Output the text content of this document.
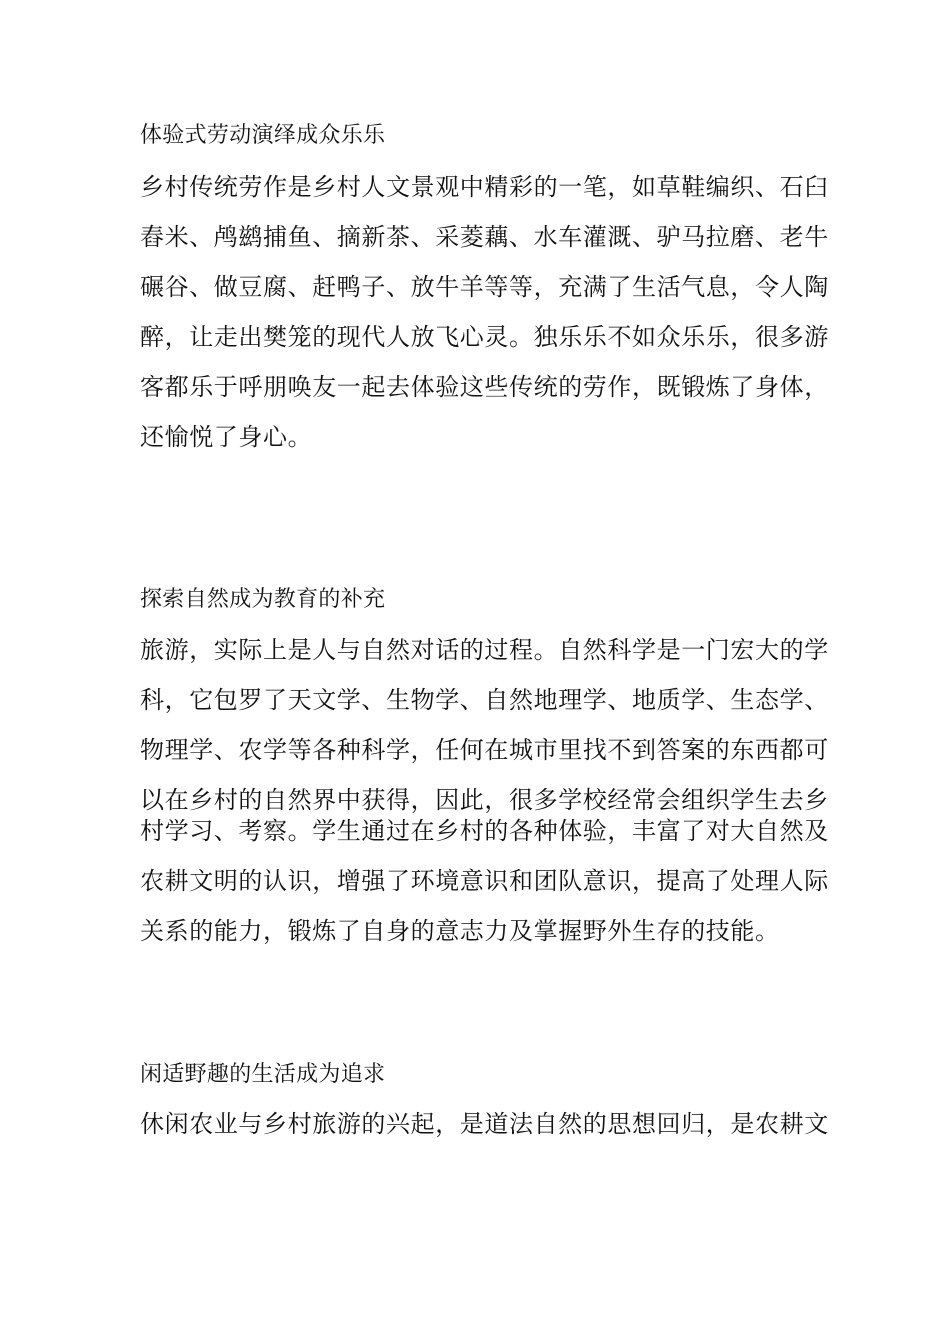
体验式劳动演绎成众乐乐
乡村传统劳作是乡村人文景观中精彩的一笔，如草鞋编织、石臼
舂米、鸬鹚捕鱼、摘新茶、采菱藕、水车灌溉、驴马拉磨、老牛
碾谷、做豆腐、赶鸭子、放牛羊等等，充满了生活气息，令人陶
醉，让走出樊笼的现代人放飞心灵。独乐乐不如众乐乐，很多游
客都乐于呼朋唤友一起去体验这些传统的劳作，既锻炼了身体，
还愉悦了身心。
探索自然成为教育的补充
旅游，实际上是人与自然对话的过程。自然科学是一门宏大的学
科，它包罗了天文学、生物学、自然地理学、地质学、生态学、
物理学、农学等各种科学，任何在城市里找不到答案的东西都可
以在乡村的自然界中获得，因此，很多学校经常会组织学生去乡
村学习、考察。学生通过在乡村的各种体验，丰富了对大自然及
农耕文明的认识，增强了环境意识和团队意识，提高了处理人际
关系的能力，锻炼了自身的意志力及掌握野外生存的技能。
闲适野趣的生活成为追求
休闲农业与乡村旅游的兴起，是道法自然的思想回归，是农耕文
